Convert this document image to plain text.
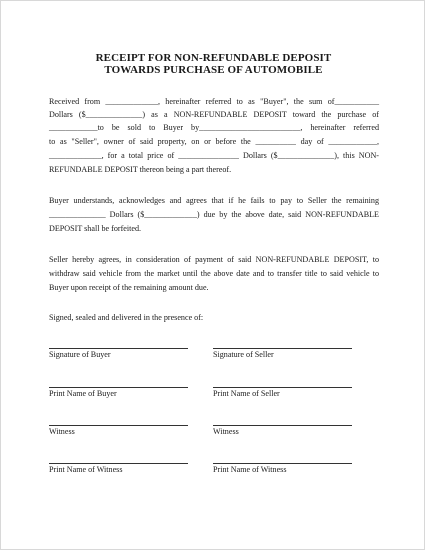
RECEIPT FOR NON-REFUNDABLE DEPOSIT
TOWARDS PURCHASE OF AUTOMOBILE
Received from _____________, hereinafter referred to as "Buyer", the sum of___________
Dollars ($______________) as a NON-REFUNDABLE DEPOSIT toward the purchase of
____________to be sold to Buyer by_________________________, hereinafter referred
to as "Seller", owner of said property, on or before the __________ day of ____________,
_____________, for a total price of _______________ Dollars ($______________), this NON-
REFUNDABLE DEPOSIT thereon being a part thereof.
Buyer understands, acknowledges and agrees that if he fails to pay to Seller the remaining
______________ Dollars ($_____________) due by the above date, said NON-REFUNDABLE
DEPOSIT shall be forfeited.
Seller hereby agrees, in consideration of payment of said NON-REFUNDABLE DEPOSIT, to
withdraw said vehicle from the market until the above date and to transfer title to said vehicle to
Buyer upon receipt of the remaining amount due.
Signed, sealed and delivered in the presence of:
Signature of Buyer	Signature of Seller
Print Name of Buyer	Print Name of Seller
Witness	Witness
Print Name of Witness	Print Name of Witness
